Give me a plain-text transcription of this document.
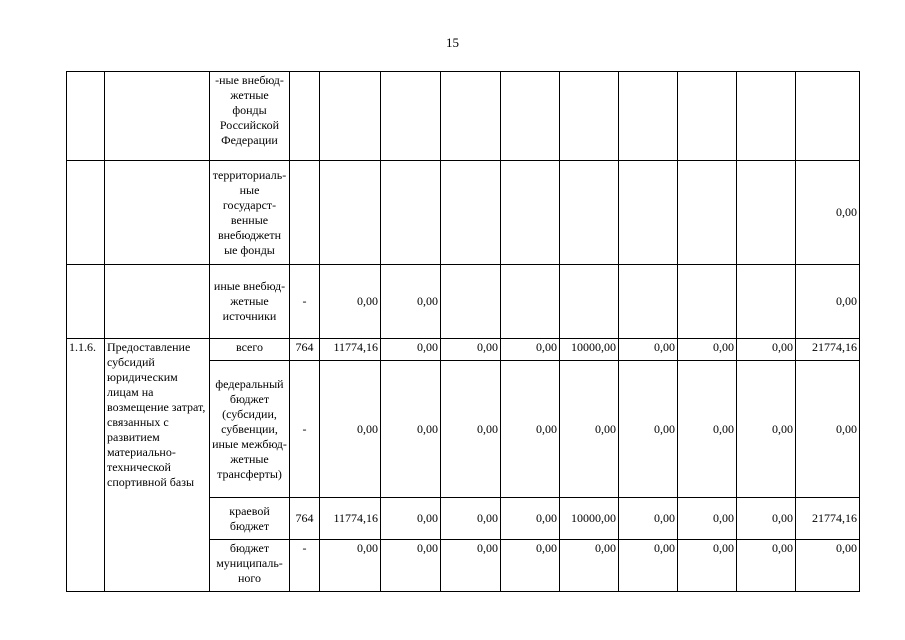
15
		-ные внебюд-жетные фонды Российской Федерации										
		территориаль-ные государст-венные внебюджетн ые фонды										0,00
		иные внебюд-жетные источники	-	0,00	0,00							0,00
1.1.6.	Предоставление субсидий юридическим лицам на возмещение затрат, связанных с развитием материально-технической спортивной базы	всего	764	11774,16	0,00	0,00	0,00	10000,00	0,00	0,00	0,00	21774,16
		федеральный бюджет (субсидии, субвенции, иные межбюд-жетные трансферты)	-	0,00	0,00	0,00	0,00	0,00	0,00	0,00	0,00	0,00
		краевой бюджет	764	11774,16	0,00	0,00	0,00	10000,00	0,00	0,00	0,00	21774,16
		бюджет муниципаль-ного	-	0,00	0,00	0,00	0,00	0,00	0,00	0,00	0,00	0,00
